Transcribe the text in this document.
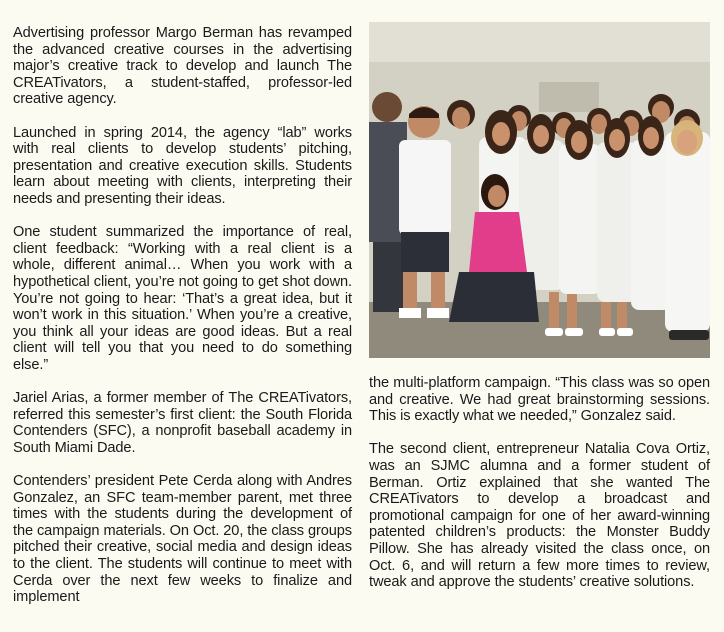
Advertising professor Margo Berman has revamped the advanced creative courses in the advertising major’s creative track to develop and launch The CREATivators, a student-staffed, professor-led creative agency.

Launched in spring 2014, the agency “lab” works with real clients to develop students’ pitching, presentation and creative execution skills. Students learn about meeting with clients, interpreting their needs and presenting their ideas.

One student summarized the importance of real, client feedback: “Working with a real client is a whole, different animal… When you work with a hypothetical client, you’re not going to get shot down. You’re not going to hear: ‘That’s a great idea, but it won’t work in this situation.’ When you’re a creative, you think all your ideas are good ideas. But a real client will tell you that you need to do something else.”

Jariel Arias, a former member of The CREATivators, referred this semester’s first client: the South Florida Contenders (SFC), a nonprofit baseball academy in South Miami Dade.

Contenders’ president Pete Cerda along with Andres Gonzalez, an SFC team-member parent, met three times with the students during the development of the campaign materials. On Oct. 20, the class groups pitched their creative, social media and design ideas to the client. The students will continue to meet with Cerda over the next few weeks to finalize and implement

the multi-platform campaign. “This class was so open and creative. We had great brainstorming sessions. This is exactly what we needed,” Gonzalez said.

The second client, entrepreneur Natalia Cova Ortiz, was an SJMC alumna and a former student of Berman. Ortiz explained that she wanted The CREATivators to develop a broadcast and promotional campaign for one of her award-winning patented children’s products: the Monster Buddy Pillow. She has already visited the class once, on Oct. 6, and will return a few more times to review, tweak and approve the students’ creative solutions.
